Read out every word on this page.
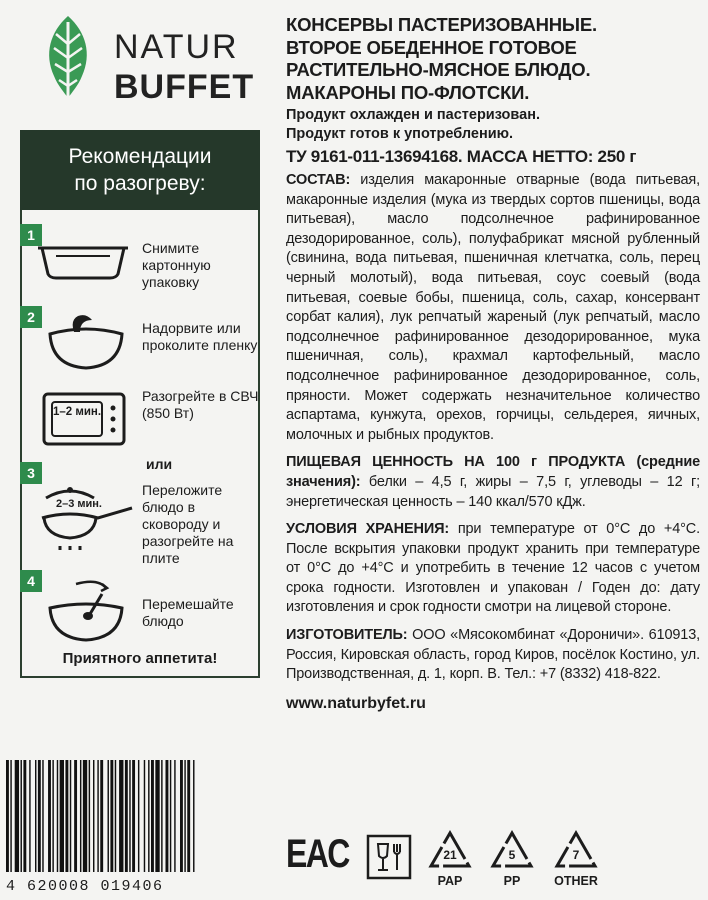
NATUR
BUFFET
Рекомендации
по разогреву:
1
Снимите картонную упаковку
2
Надорвите или проколите пленку
1–2 мин.
Разогрейте в СВЧ (850 Вт)
или
3
2–3 мин.
Переложите блюдо в сковороду и разогрейте на плите
4
Перемешайте блюдо
Приятного аппетита!
4 620008 019406
КОНСЕРВЫ ПАСТЕРИЗОВАННЫЕ.
ВТОРОЕ ОБЕДЕННОЕ ГОТОВОЕ
РАСТИТЕЛЬНО-МЯСНОЕ БЛЮДО.
МАКАРОНЫ ПО-ФЛОТСКИ.
Продукт охлажден и пастеризован.
Продукт готов к употреблению.
ТУ 9161-011-13694168. МАССА НЕТТО: 250 г

СОСТАВ: изделия макаронные отварные (вода питьевая, макаронные изделия (мука из твердых сортов пшеницы, вода питьевая), масло подсолнечное рафинированное дезодорированное, соль), полуфабрикат мясной рубленный (свинина, вода питьевая, пшеничная клетчатка, соль, перец черный молотый), вода питьевая, соус соевый (вода питьевая, соевые бобы, пшеница, соль, сахар, консервант сорбат калия), лук репчатый жареный (лук репчатый, масло подсолнечное рафинированное дезодорированное, мука пшеничная, соль), крахмал картофельный, масло подсолнечное рафинированное дезодорированное, соль, пряности. Может содержать незначительное количество аспартама, кунжута, орехов, горчицы, сельдерея, яичных, молочных и рыбных продуктов.

ПИЩЕВАЯ ЦЕННОСТЬ НА 100 г ПРОДУКТА (средние значения): белки – 4,5 г, жиры – 7,5 г, углеводы – 12 г; энергетическая ценность – 140 ккал/570 кДж.

УСЛОВИЯ ХРАНЕНИЯ: при температуре от 0°С до +4°С. После вскрытия упаковки продукт хранить при температуре от 0°С до +4°С и употребить в течение 12 часов с учетом срока годности. Изготовлен и упакован / Годен до: дату изготовления и срок годности смотри на лицевой стороне.

ИЗГОТОВИТЕЛЬ: ООО «Мясокомбинат «Дороничи». 610913, Россия, Кировская область, город Киров, посёлок Костино, ул. Производственная, д. 1, корп. В. Тел.: +7 (8332) 418-822.

www.naturbyfet.ru
EAC	21
PAP
5
PP
7
OTHER
